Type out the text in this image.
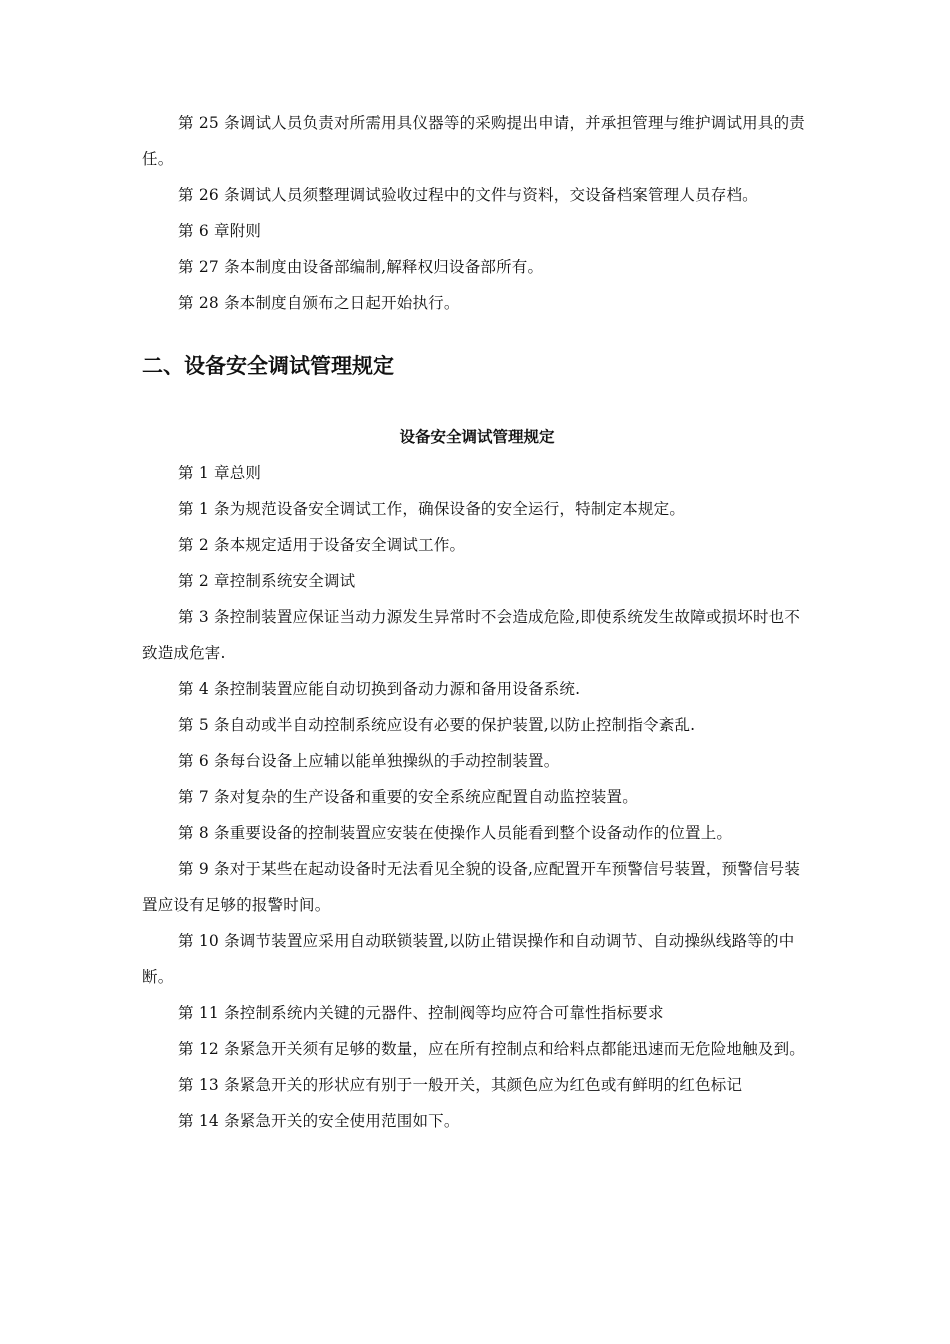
第 25 条调试人员负责对所需用具仪器等的采购提出申请，并承担管理与维护调试用具的责任。

第 26 条调试人员须整理调试验收过程中的文件与资料，交设备档案管理人员存档。

第 6 章附则

第 27 条本制度由设备部编制,解释权归设备部所有。

第 28 条本制度自颁布之日起开始执行。

二、设备安全调试管理规定
设备安全调试管理规定

第 1 章总则

第 1 条为规范设备安全调试工作，确保设备的安全运行，特制定本规定。

第 2 条本规定适用于设备安全调试工作。

第 2 章控制系统安全调试

第 3 条控制装置应保证当动力源发生异常时不会造成危险,即使系统发生故障或损坏时也不致造成危害.

第 4 条控制装置应能自动切换到备动力源和备用设备系统.

第 5 条自动或半自动控制系统应设有必要的保护装置,以防止控制指令紊乱.

第 6 条每台设备上应辅以能单独操纵的手动控制装置。

第 7 条对复杂的生产设备和重要的安全系统应配置自动监控装置。

第 8 条重要设备的控制装置应安装在使操作人员能看到整个设备动作的位置上。

第 9 条对于某些在起动设备时无法看见全貌的设备,应配置开车预警信号装置，预警信号装置应设有足够的报警时间。

第 10 条调节装置应采用自动联锁装置,以防止错误操作和自动调节、自动操纵线路等的中断。

第 11 条控制系统内关键的元器件、控制阀等均应符合可靠性指标要求

第 12 条紧急开关须有足够的数量，应在所有控制点和给料点都能迅速而无危险地触及到。

第 13 条紧急开关的形状应有别于一般开关，其颜色应为红色或有鲜明的红色标记

第 14 条紧急开关的安全使用范围如下。
